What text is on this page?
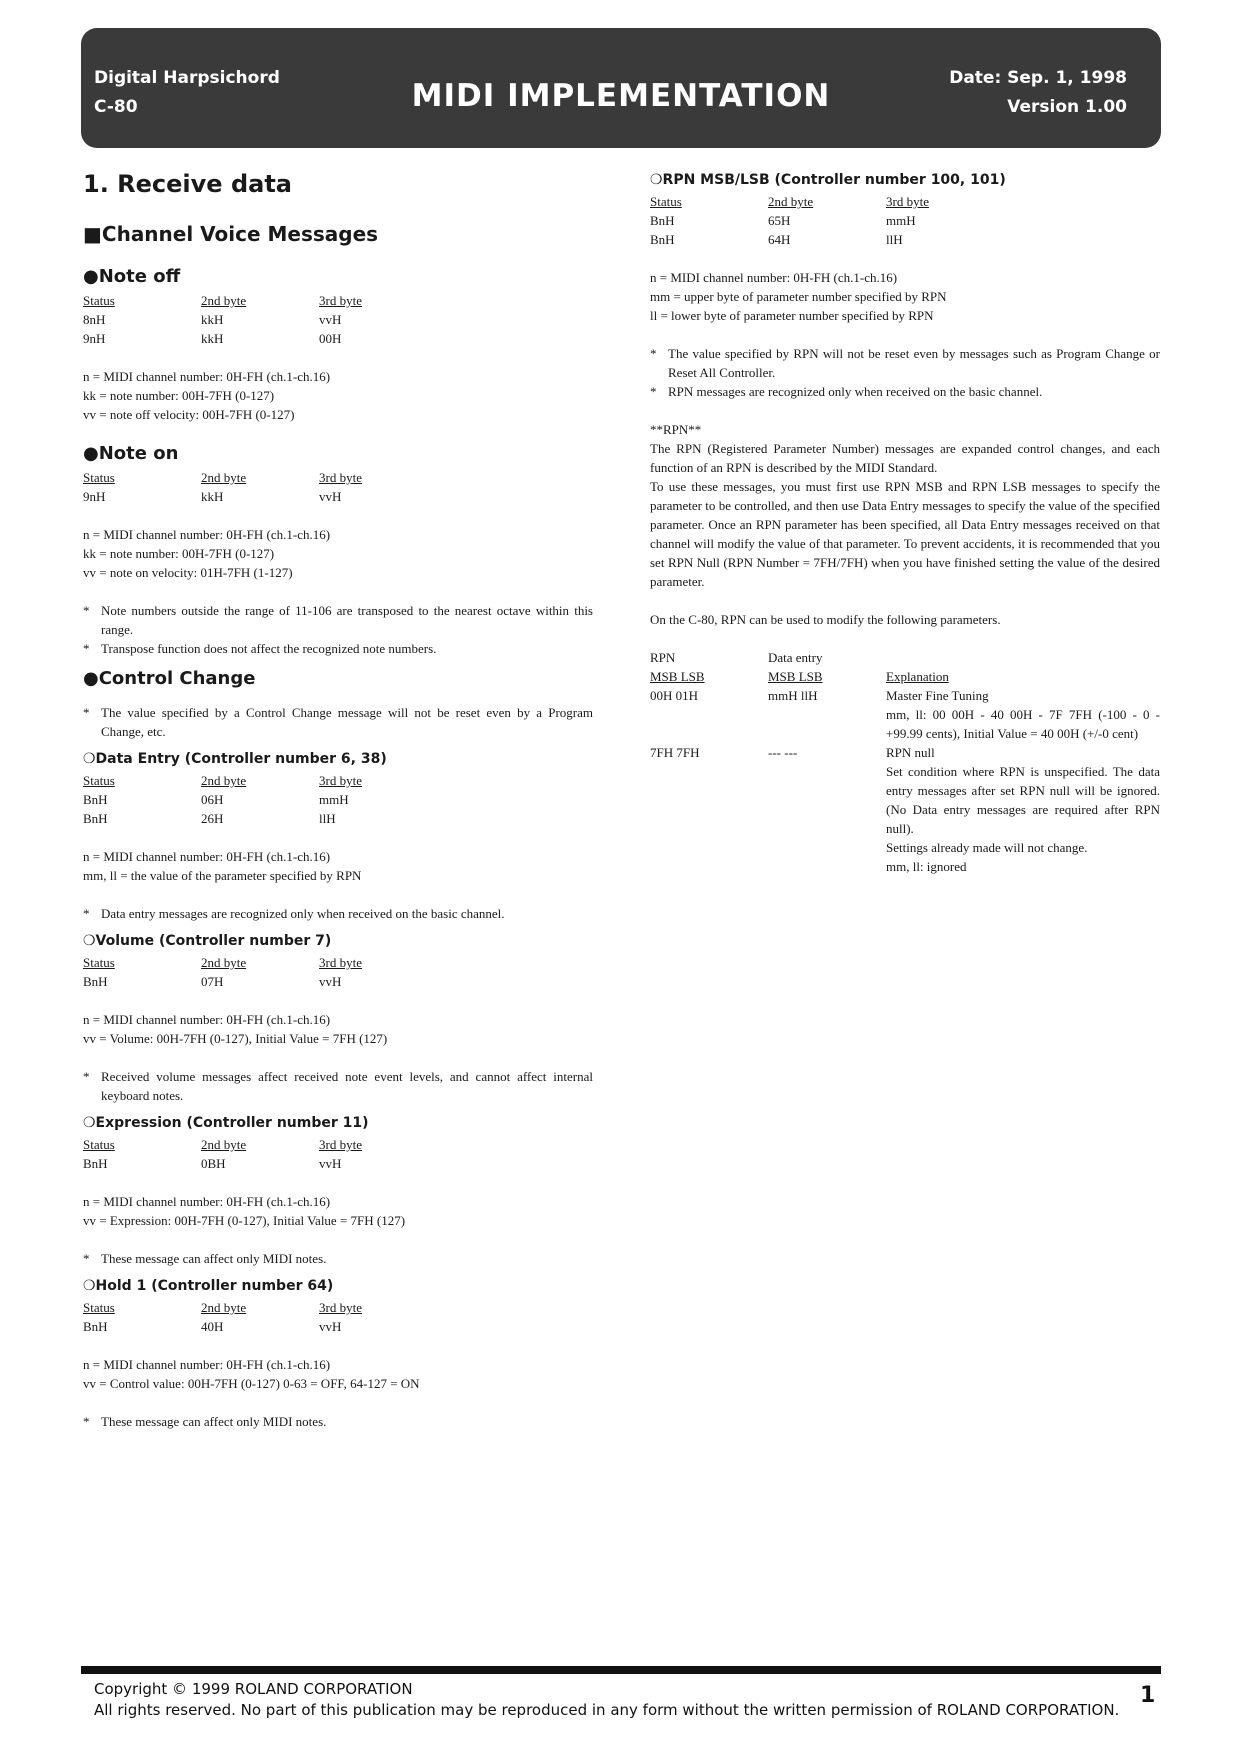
Digital Harpsichord
C-80	MIDI IMPLEMENTATION	Date: Sep. 1, 1998
Version 1.00
1. Receive data
■Channel Voice Messages
●Note off
Status	2nd byte	3rd byte
8nH	kkH	vvH
9nH	kkH	00H
n = MIDI channel number: 0H-FH (ch.1-ch.16)
kk = note number: 00H-7FH (0-127)
vv = note off velocity: 00H-7FH (0-127)
●Note on
Status	2nd byte	3rd byte
9nH	kkH	vvH
n = MIDI channel number: 0H-FH (ch.1-ch.16)
kk = note number: 00H-7FH (0-127)
vv = note on velocity: 01H-7FH (1-127)
* Note numbers outside the range of 11-106 are transposed to the nearest octave within this range.
* Transpose function does not affect the recognized note numbers.
●Control Change
* The value specified by a Control Change message will not be reset even by a Program Change, etc.
❍Data Entry (Controller number 6, 38)
Status	2nd byte	3rd byte
BnH	06H	mmH
BnH	26H	llH
n = MIDI channel number: 0H-FH (ch.1-ch.16)
mm, ll = the value of the parameter specified by RPN
* Data entry messages are recognized only when received on the basic channel.
❍Volume (Controller number 7)
Status	2nd byte	3rd byte
BnH	07H	vvH
n = MIDI channel number: 0H-FH (ch.1-ch.16)
vv = Volume: 00H-7FH (0-127), Initial Value = 7FH (127)
* Received volume messages affect received note event levels, and cannot affect internal keyboard notes.
❍Expression (Controller number 11)
Status	2nd byte	3rd byte
BnH	0BH	vvH
n = MIDI channel number: 0H-FH (ch.1-ch.16)
vv = Expression: 00H-7FH (0-127), Initial Value = 7FH (127)
* These message can affect only MIDI notes.
❍Hold 1 (Controller number 64)
Status	2nd byte	3rd byte
BnH	40H	vvH
n = MIDI channel number: 0H-FH (ch.1-ch.16)
vv = Control value: 00H-7FH (0-127) 0-63 = OFF, 64-127 = ON
* These message can affect only MIDI notes.
❍RPN MSB/LSB (Controller number 100, 101)
Status	2nd byte	3rd byte
BnH	65H	mmH
BnH	64H	llH
n = MIDI channel number: 0H-FH (ch.1-ch.16)
mm = upper byte of parameter number specified by RPN
ll = lower byte of parameter number specified by RPN
* The value specified by RPN will not be reset even by messages such as Program Change or Reset All Controller.
* RPN messages are recognized only when received on the basic channel.
**RPN**
The RPN (Registered Parameter Number) messages are expanded control changes, and each function of an RPN is described by the MIDI Standard.
To use these messages, you must first use RPN MSB and RPN LSB messages to specify the parameter to be controlled, and then use Data Entry messages to specify the value of the specified parameter. Once an RPN parameter has been specified, all Data Entry messages received on that channel will modify the value of that parameter. To prevent accidents, it is recommended that you set RPN Null (RPN Number = 7FH/7FH) when you have finished setting the value of the desired parameter.
On the C-80, RPN can be used to modify the following parameters.
RPN	Data entry
MSB LSB	MSB LSB	Explanation
00H 01H	mmH llH	Master Fine Tuning
mm, ll: 00 00H - 40 00H - 7F 7FH (-100 - 0 - +99.99 cents), Initial Value = 40 00H (+/-0 cent)
7FH 7FH	--- ---	RPN null
Set condition where RPN is unspecified. The data entry messages after set RPN null will be ignored. (No Data entry messages are required after RPN null).
Settings already made will not change.
mm, ll: ignored
Copyright © 1999 ROLAND CORPORATION
All rights reserved. No part of this publication may be reproduced in any form without the written permission of ROLAND CORPORATION.
1
